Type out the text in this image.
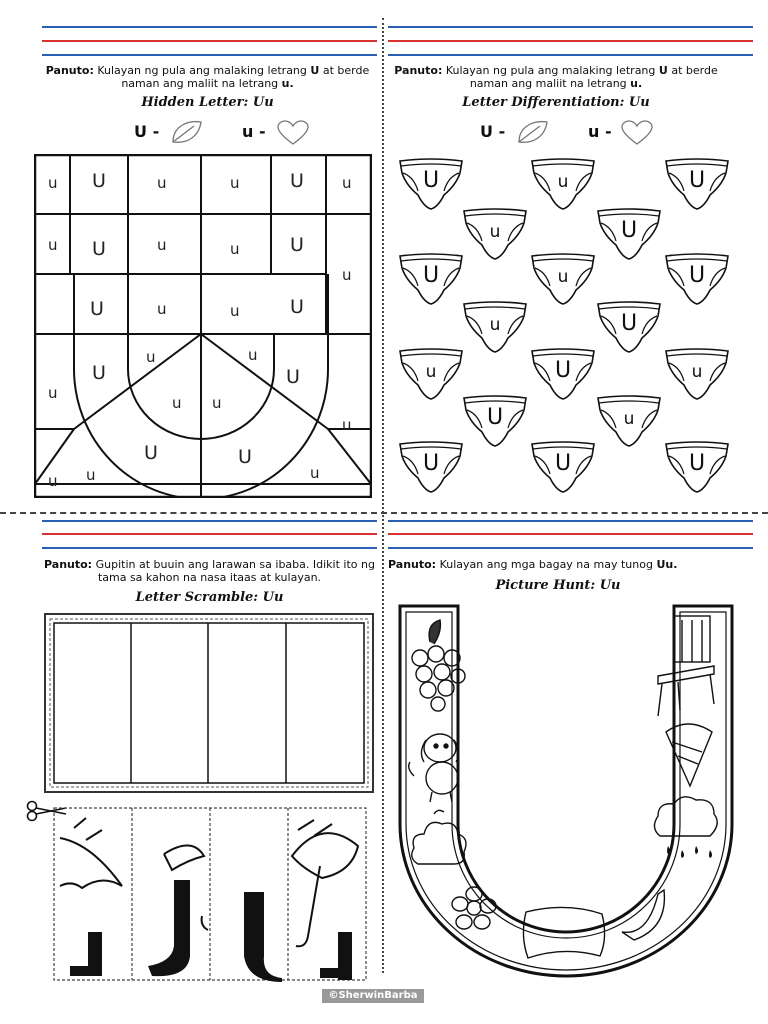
Panuto: Kulayan ng pula ang malaking letrang U at berde naman ang maliit na letrang u.
Hidden Letter: Uu
U -	u -
u U	u	u	U	u
u U	u	u	U
u
U	u	u	U
u
U
u	u
U
u
u u
u	u
U	U
u
Panuto: Kulayan ng pula ang malaking letrang U at berde naman ang maliit na letrang u.
Letter Differentiation: Uu
U -	u -
U	u	U
u	U
U	u	U
u	U
u	U	u
U	u
U	U	U
Panuto: Gupitin at buuin ang larawan sa ibaba. Idikit ito ng tama sa kahon na nasa itaas at kulayan.
Letter Scramble: Uu
Panuto: Kulayan ang mga bagay na may tunog Uu.
Picture Hunt: Uu
©SherwinBarba
